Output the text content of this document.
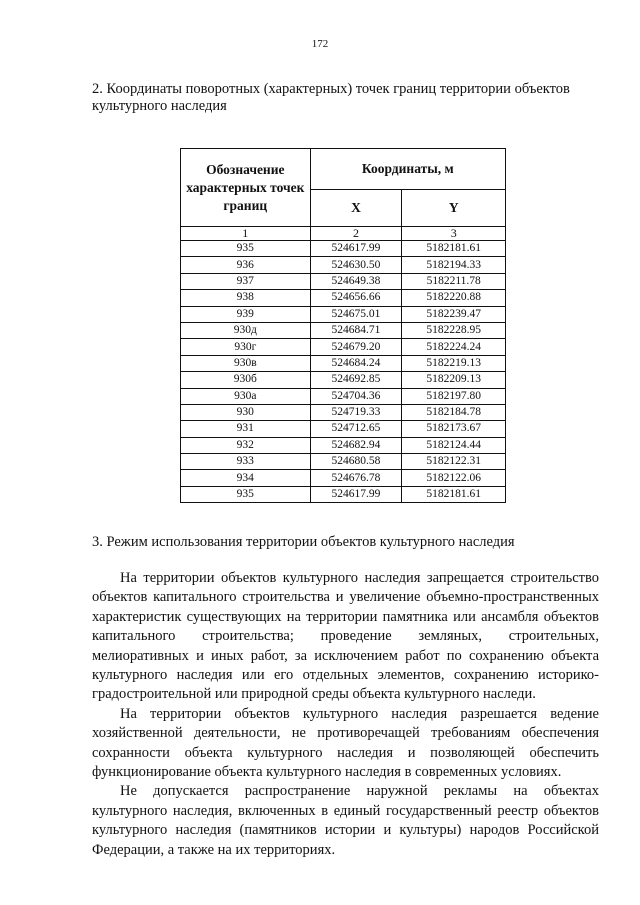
172
2. Координаты поворотных (характерных) точек границ территории объектов культурного наследия
Обозначение характерных точек границ	Координаты, м	
	X	Y
1	2	3
935	524617.99	5182181.61
936	524630.50	5182194.33
937	524649.38	5182211.78
938	524656.66	5182220.88
939	524675.01	5182239.47
930д	524684.71	5182228.95
930г	524679.20	5182224.24
930в	524684.24	5182219.13
930б	524692.85	5182209.13
930а	524704.36	5182197.80
930	524719.33	5182184.78
931	524712.65	5182173.67
932	524682.94	5182124.44
933	524680.58	5182122.31
934	524676.78	5182122.06
935	524617.99	5182181.61
3. Режим использования территории объектов культурного наследия

На территории объектов культурного наследия запрещается строительство объектов капитального строительства и увеличение объемно-пространственных характеристик существующих на территории памятника или ансамбля объектов капитального строительства; проведение земляных, строительных, мелиоративных и иных работ, за исключением работ по сохранению объекта культурного наследия или его отдельных элементов, сохранению историко-градостроительной или природной среды объекта культурного наследи.

На территории объектов культурного наследия разрешается ведение хозяйственной деятельности, не противоречащей требованиям обеспечения сохранности объекта культурного наследия и позволяющей обеспечить функционирование объекта культурного наследия в современных условиях.

Не допускается распространение наружной рекламы на объектах культурного наследия, включенных в единый государственный реестр объектов культурного наследия (памятников истории и культуры) народов Российской Федерации, а также на их территориях.
